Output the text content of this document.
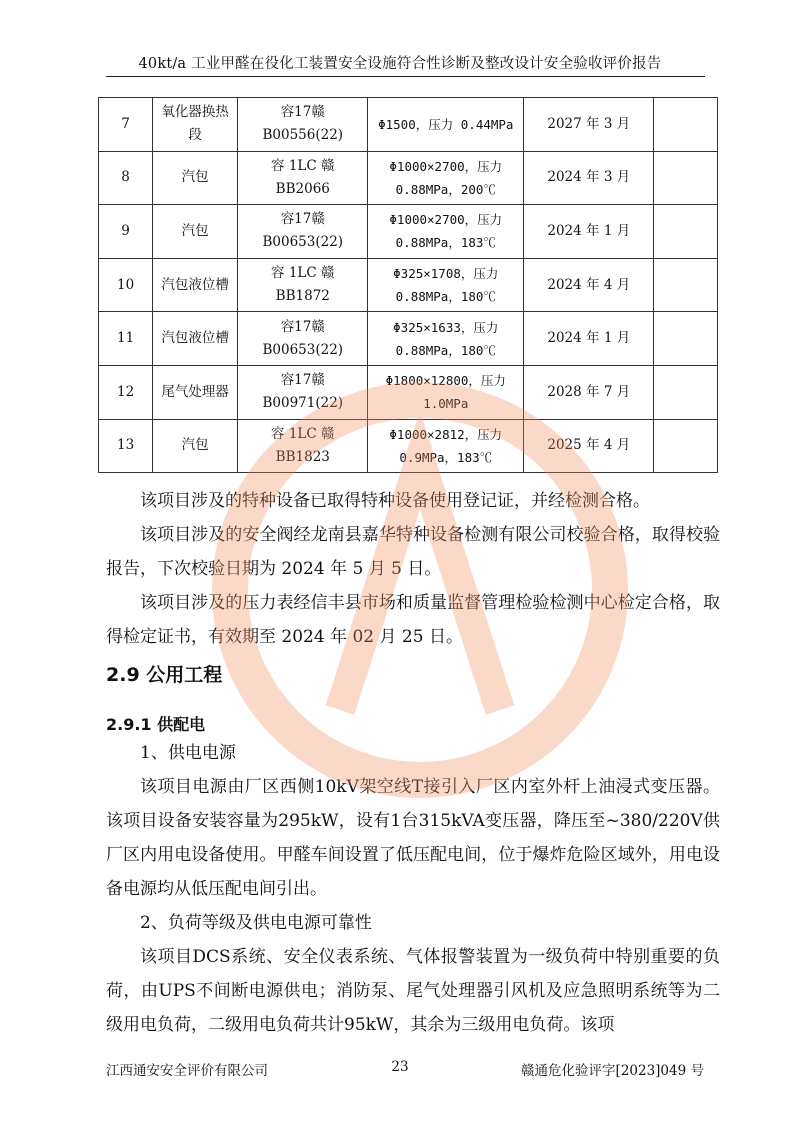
40kt/a 工业甲醛在役化工装置安全设施符合性诊断及整改设计安全验收评价报告
7	氧化器换热段	容17赣B00556(22)	Φ1500，压力 0.44MPa	2027 年 3 月	
8	汽包	容 1LC 赣 BB2066	Φ1000×2700，压力 0.88MPa，200℃	2024 年 3 月	
9	汽包	容17赣B00653(22)	Φ1000×2700，压力 0.88MPa，183℃	2024 年 1 月	
10	汽包液位槽	容 1LC 赣 BB1872	Φ325×1708，压力 0.88MPa，180℃	2024 年 4 月	
11	汽包液位槽	容17赣B00653(22)	Φ325×1633，压力 0.88MPa，180℃	2024 年 1 月	
12	尾气处理器	容17赣B00971(22)	Φ1800×12800，压力 1.0MPa	2028 年 7 月	
13	汽包	容 1LC 赣 BB1823	Φ1000×2812，压力 0.9MPa，183℃	2025 年 4 月	

该项目涉及的特种设备已取得特种设备使用登记证，并经检测合格。

该项目涉及的安全阀经龙南县嘉华特种设备检测有限公司校验合格，取得校验报告，下次校验日期为 2024 年 5 月 5 日。

该项目涉及的压力表经信丰县市场和质量监督管理检验检测中心检定合格，取得检定证书，有效期至 2024 年 02 月 25 日。

2.9 公用工程
2.9.1 供配电

1、供电电源

该项目电源由厂区西侧10kV架空线T接引入厂区内室外杆上油浸式变压器。该项目设备安装容量为295kW，设有1台315kVA变压器，降压至~380/220V供厂区内用电设备使用。甲醛车间设置了低压配电间，位于爆炸危险区域外，用电设备电源均从低压配电间引出。

2、负荷等级及供电电源可靠性

该项目DCS系统、安全仪表系统、气体报警装置为一级负荷中特别重要的负荷，由UPS不间断电源供电；消防泵、尾气处理器引风机及应急照明系统等为二级用电负荷，二级用电负荷共计95kW，其余为三级用电负荷。该项

江西通安安全评价有限公司	23	赣通危化验评字[2023]049 号
